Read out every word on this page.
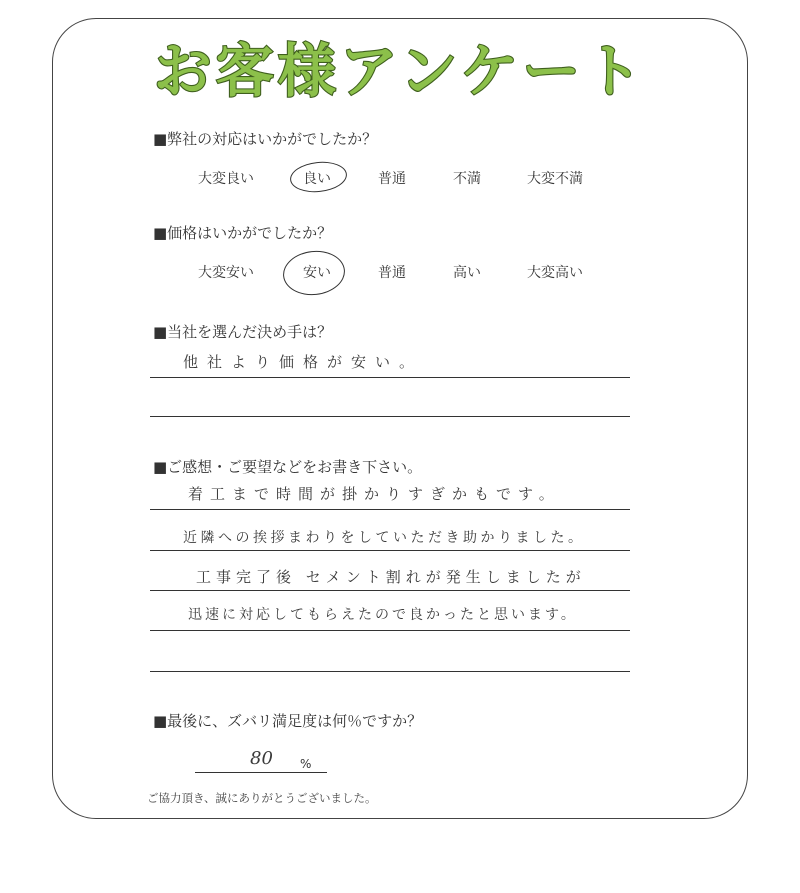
お客様アンケート
■弊社の対応はいかがでしたか？
大変良い	良い	普通	不満	大変不満
■価格はいかがでしたか？
大変安い	安い	普通	高い	大変高い
■当社を選んだ決め手は？
他社より価格が安い。
■ご感想・ご要望などをお書き下さい。
着工まで時間が掛かりすぎかもです。
近隣への挨拶まわりをしていただき助かりました。
工事完了後 セメント割れが発生しましたが
迅速に対応してもらえたので良かったと思います。
■最後に、ズバリ満足度は何％ですか？
80 %
ご協力頂き、誠にありがとうございました。
